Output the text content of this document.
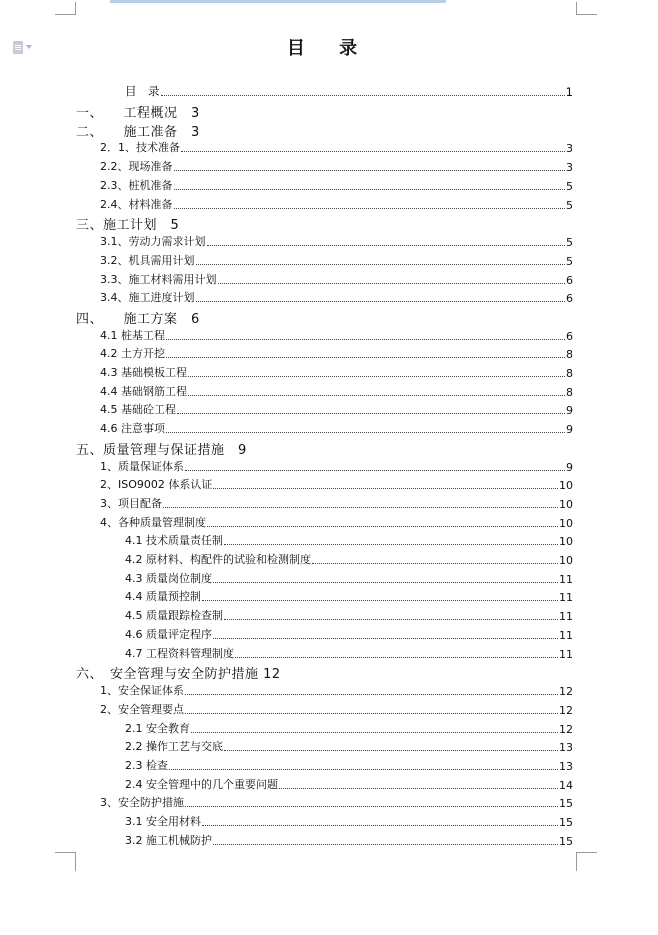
目 录
目　录	1
一、　　工程概况　3
二、　　施工准备　3
2．1、技术准备	3
2.2、现场准备	3
2.3、桩机准备	5
2.4、材料准备	5
三、施工计划　5
3.1、劳动力需求计划	5
3.2、机具需用计划	5
3.3、施工材料需用计划	6
3.4、施工进度计划	6
四、　　施工方案　6
4.1 桩基工程	6
4.2 土方开挖	8
4.3 基础模板工程	8
4.4 基础钢筋工程	8
4.5 基础砼工程	9
4.6 注意事项	9
五、质量管理与保证措施　9
1、质量保证体系	9
2、ISO9002 体系认证	10
3、项目配备	10
4、各种质量管理制度	10
4.1 技术质量责任制	10
4.2 原材料、构配件的试验和检测制度	10
4.3 质量岗位制度	11
4.4 质量预控制	11
4.5 质量跟踪检查制	11
4.6 质量评定程序	11
4.7 工程资料管理制度	11
六、　安全管理与安全防护措施 12
1、安全保证体系	12
2、安全管理要点	12
2.1 安全教育	12
2.2 操作工艺与交底	13
2.3 检查	13
2.4 安全管理中的几个重要问题	14
3、安全防护措施	15
3.1 安全用材料	15
3.2 施工机械防护	15
